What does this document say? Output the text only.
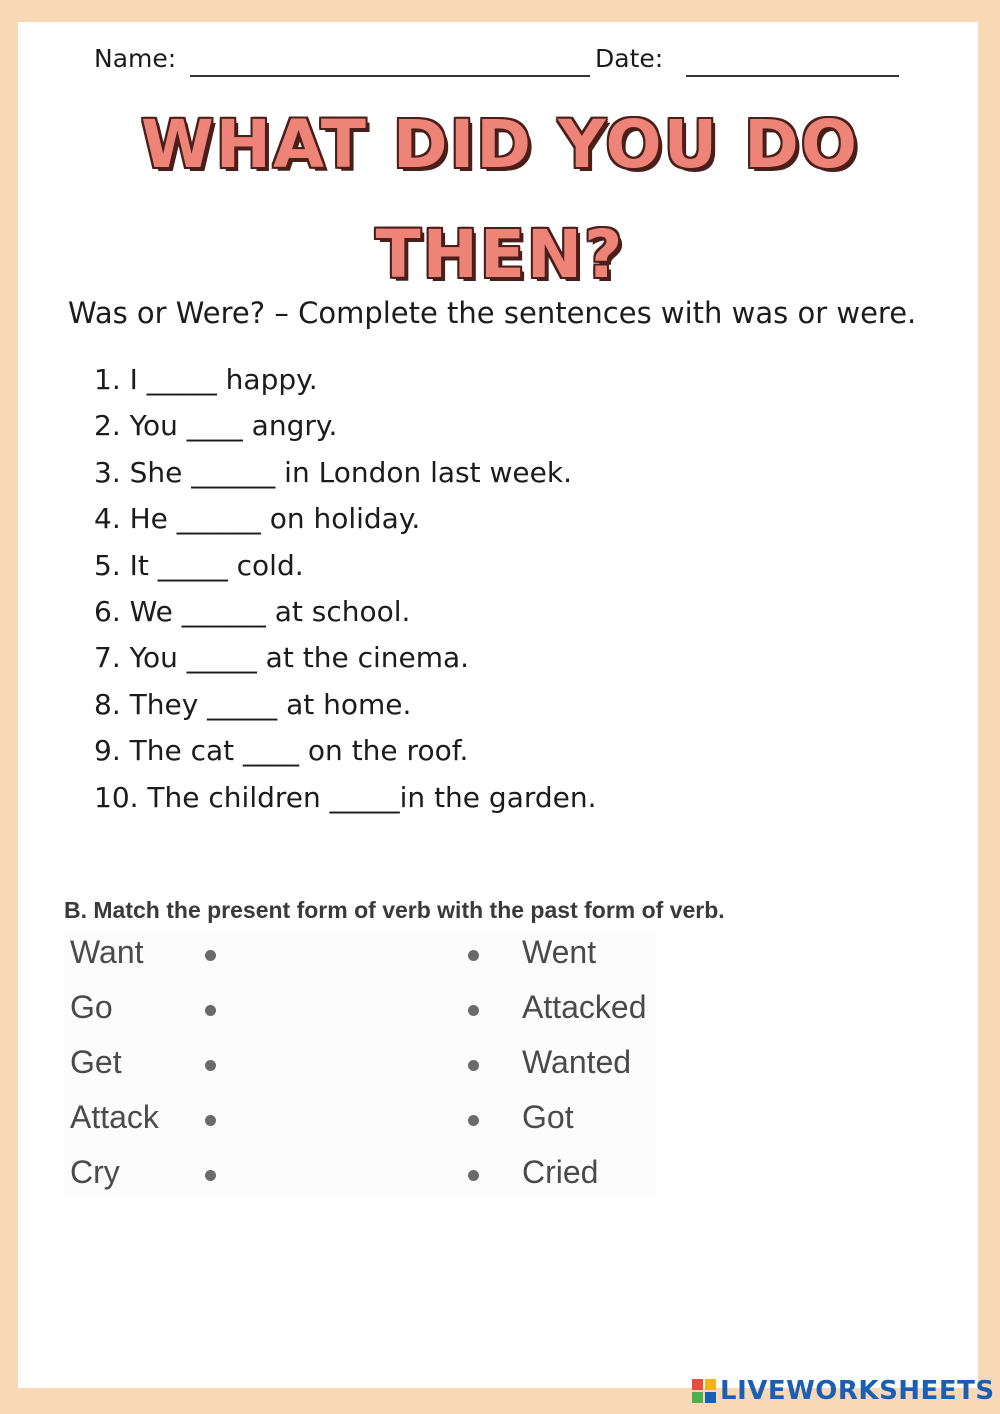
Name:	Date:
WHAT DID YOU DO
THEN?
Was or Were? – Complete the sentences with was or were.
1. I _____ happy.
2. You ____ angry.
3. She ______ in London last week.
4. He ______ on holiday.
5. It _____ cold.
6. We ______ at school.
7. You _____ at the cinema.
8. They _____ at home.
9. The cat ____ on the roof.
10. The children _____in the garden.
B. Match the present form of verb with the past form of verb.
Want	Went
Go	Attacked
Get	Wanted
Attack	Got
Cry	Cried
LIVEWORKSHEETS
